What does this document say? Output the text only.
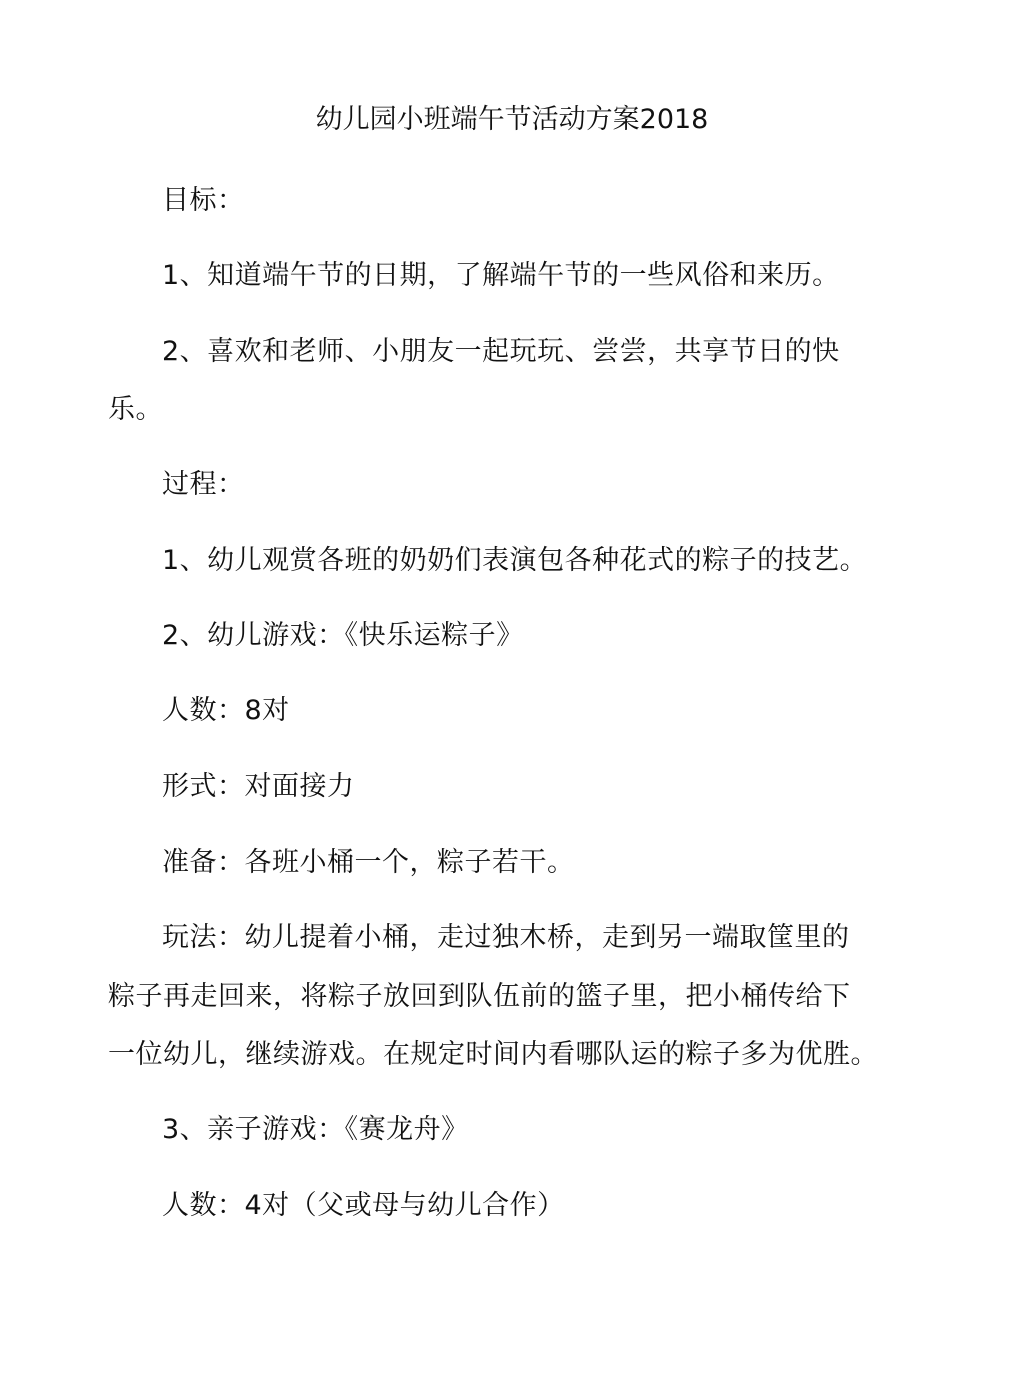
幼儿园小班端午节活动方案2018
目标：
1、知道端午节的日期，了解端午节的一些风俗和来历。
2、喜欢和老师、小朋友一起玩玩、尝尝，共享节日的快
乐。
过程：
1、幼儿观赏各班的奶奶们表演包各种花式的粽子的技艺。
2、幼儿游戏：《快乐运粽子》
人数：8对
形式：对面接力
准备：各班小桶一个，粽子若干。
玩法：幼儿提着小桶，走过独木桥，走到另一端取筐里的
粽子再走回来，将粽子放回到队伍前的篮子里，把小桶传给下
一位幼儿，继续游戏。在规定时间内看哪队运的粽子多为优胜。
3、亲子游戏：《赛龙舟》
人数：4对（父或母与幼儿合作）
